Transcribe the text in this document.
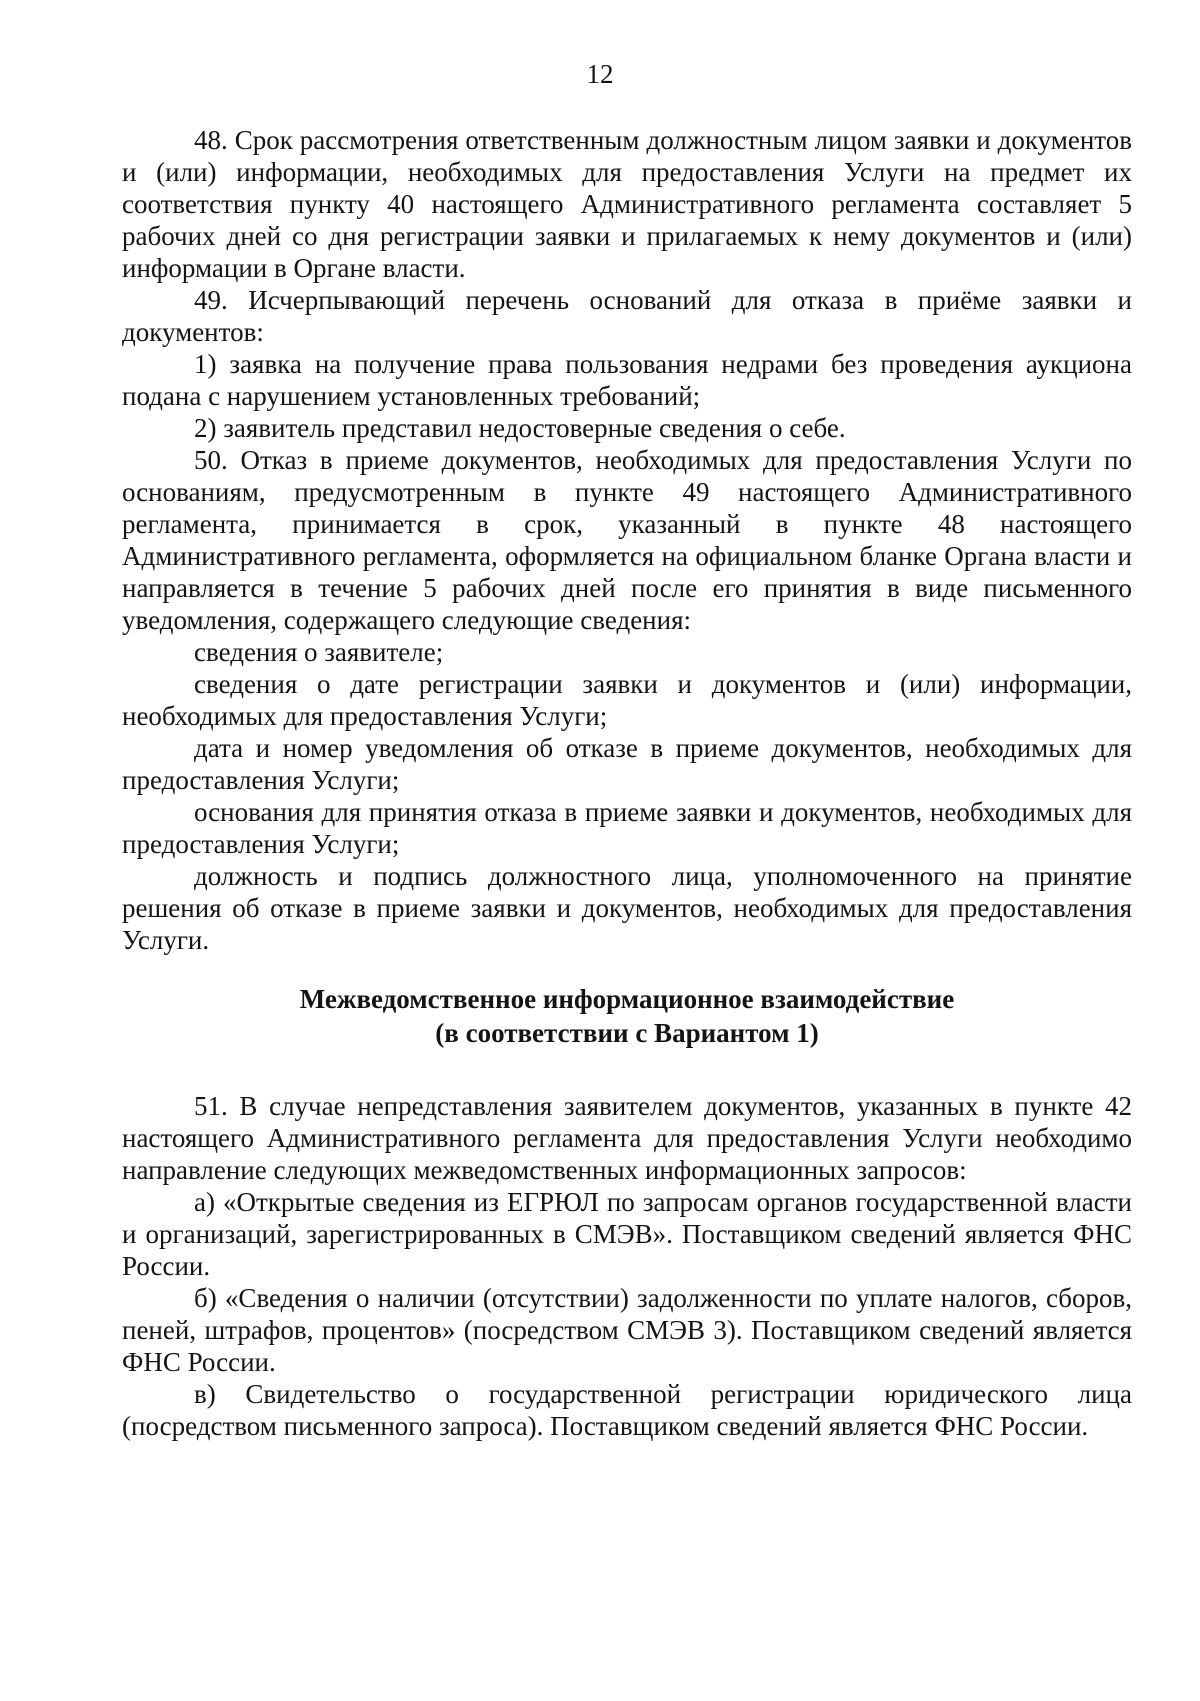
12

48. Срок рассмотрения ответственным должностным лицом заявки и документов и (или) информации, необходимых для предоставления Услуги на предмет их соответствия пункту 40 настоящего Административного регламента составляет 5 рабочих дней со дня регистрации заявки и прилагаемых к нему документов и (или) информации в Органе власти.

49. Исчерпывающий перечень оснований для отказа в приёме заявки и документов:

1) заявка на получение права пользования недрами без проведения аукциона подана с нарушением установленных требований;

2) заявитель представил недостоверные сведения о себе.

50. Отказ в приеме документов, необходимых для предоставления Услуги по основаниям, предусмотренным в пункте 49 настоящего Административного регламента, принимается в срок, указанный в пункте 48 настоящего Административного регламента, оформляется на официальном бланке Органа власти и направляется в течение 5 рабочих дней после его принятия в виде письменного уведомления, содержащего следующие сведения:

сведения о заявителе;

сведения о дате регистрации заявки и документов и (или) информации, необходимых для предоставления Услуги;

дата и номер уведомления об отказе в приеме документов, необходимых для предоставления Услуги;

основания для принятия отказа в приеме заявки и документов, необходимых для предоставления Услуги;

должность и подпись должностного лица, уполномоченного на принятие решения об отказе в приеме заявки и документов, необходимых для предоставления Услуги.

Межведомственное информационное взаимодействие
(в соответствии с Вариантом 1)

51. В случае непредставления заявителем документов, указанных в пункте 42 настоящего Административного регламента для предоставления Услуги необходимо направление следующих межведомственных информационных запросов:

а) «Открытые сведения из ЕГРЮЛ по запросам органов государственной власти и организаций, зарегистрированных в СМЭВ». Поставщиком сведений является ФНС России.

б) «Сведения о наличии (отсутствии) задолженности по уплате налогов, сборов, пеней, штрафов, процентов» (посредством СМЭВ 3). Поставщиком сведений является ФНС России.

в) Свидетельство о государственной регистрации юридического лица (посредством письменного запроса). Поставщиком сведений является ФНС России.
